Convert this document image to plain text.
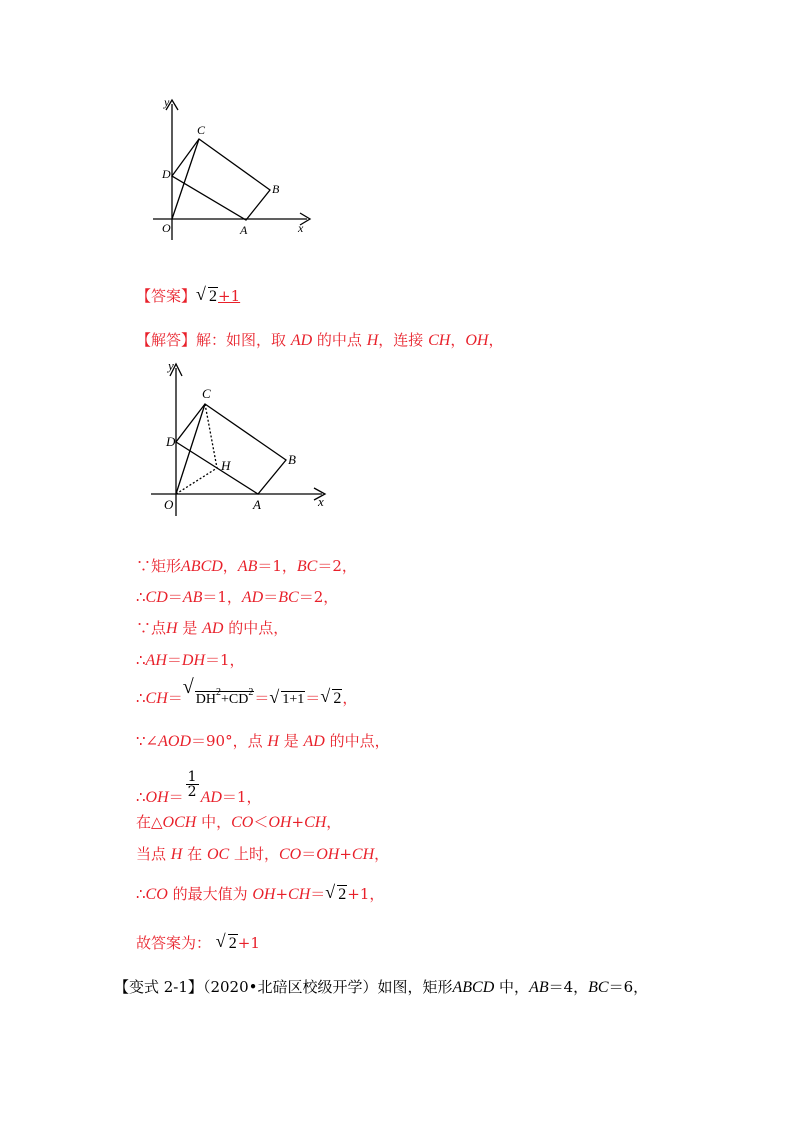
y
C
D
B
O	A	x
【答案】 √ 2+1
【解答】解：如图，取 AD 的中点 H，连接 CH，OH，
y
C
D
H	B
O	A	x
∵矩形ABCD，AB＝1，BC＝2，
∴CD＝AB＝1，AD＝BC＝2，
∵点H 是 AD 的中点，
∴AH＝DH＝1，
∴CH＝ √
$DH^2+CD^2=$ √ 1+1＝ √ 2，
∵∠AOD＝90°，点 H 是 AD 的中点，
∴OH＝ $\frac{1}{2} AD=1$，
在△OCH 中，CO＜OH+CH，
当点 H 在 OC 上时，CO＝OH+CH，
∴CO 的最大值为 OH+CH＝ √ 2+1，
故答案为： √ 2+1
【变式 2-1】（2020•北碚区校级开学）如图，矩形ABCD 中，AB＝4，BC＝6，
